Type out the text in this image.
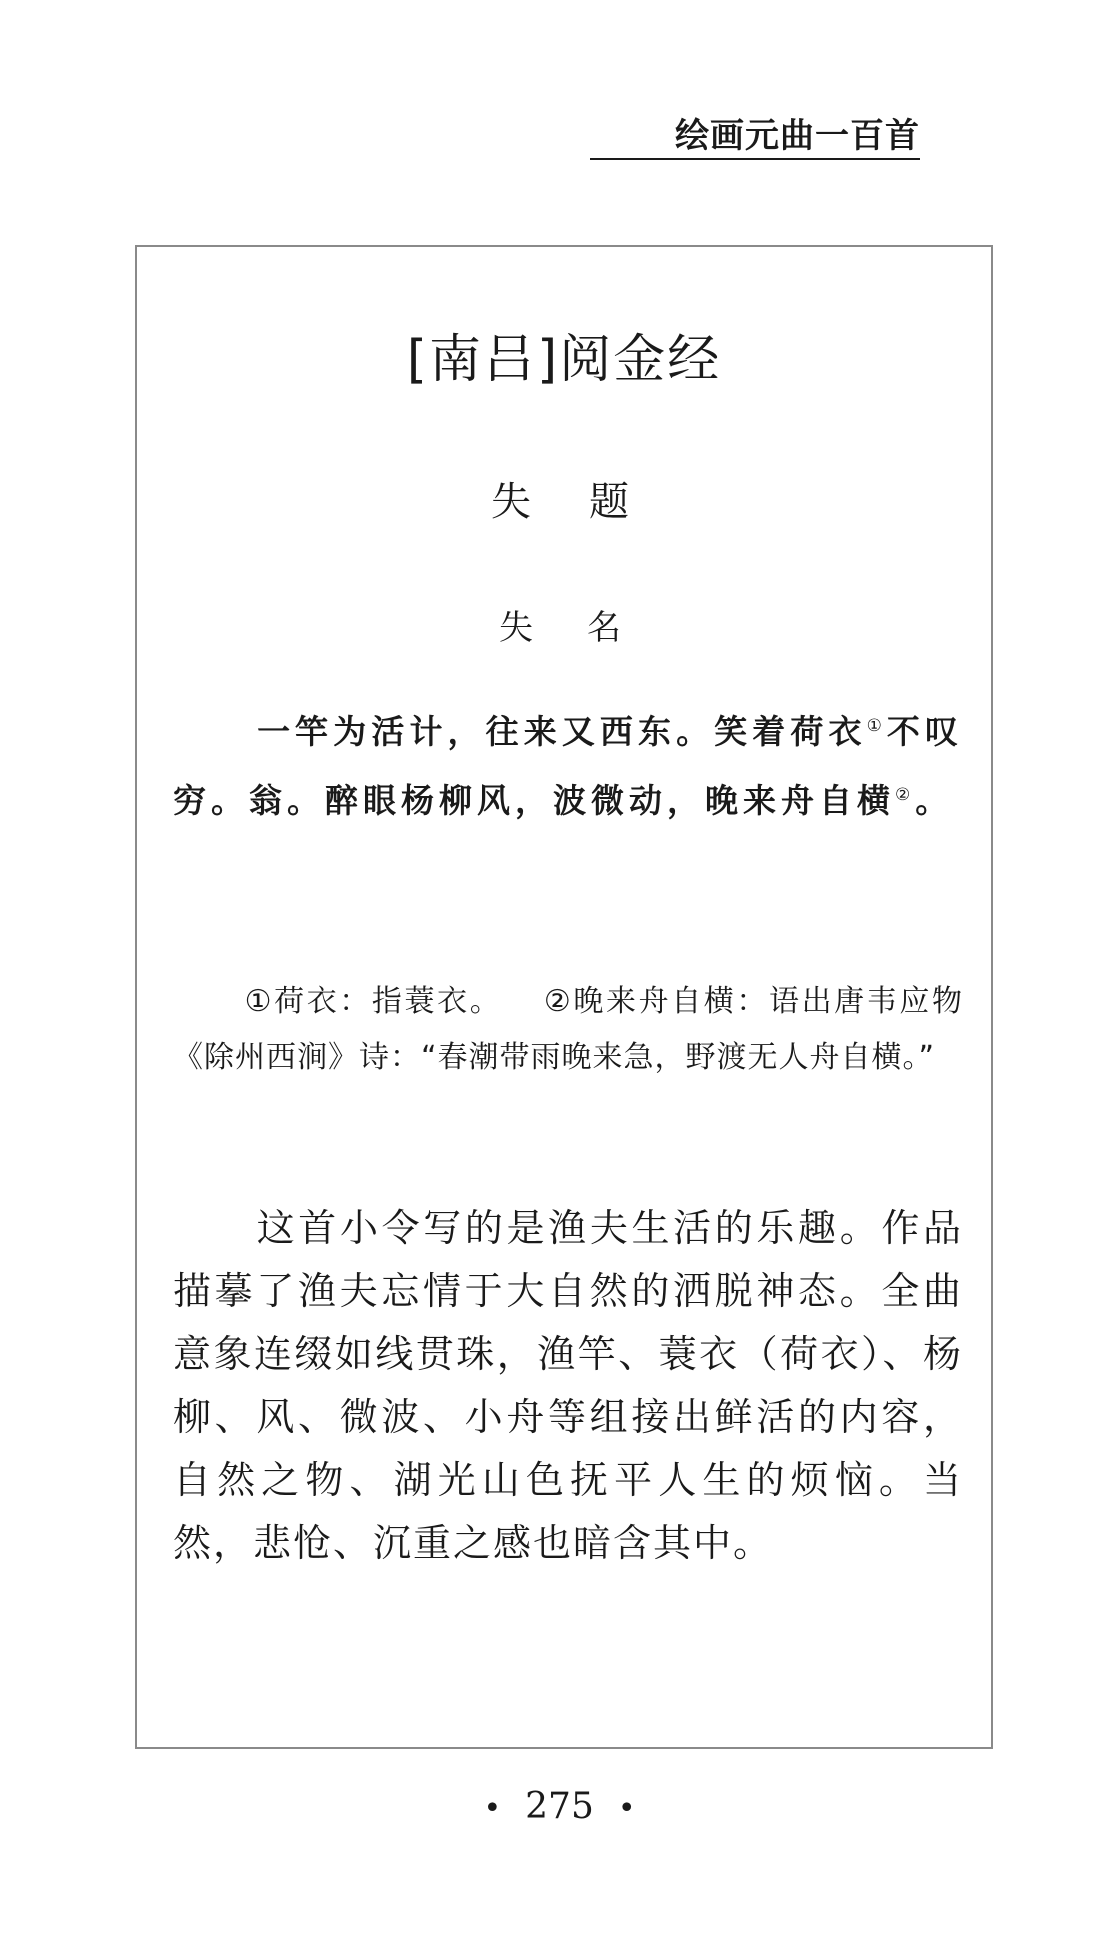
绘画元曲一百首
[南吕]阅金经
失 题
失 名
一竿为活计，往来又西东。笑着荷衣①不叹穷。翁。醉眼杨柳风，波微动，晚来舟自横②。
①荷衣：指蓑衣。 ②晚来舟自横：语出唐韦应物《除州西涧》诗：“春潮带雨晚来急，野渡无人舟自横。”
这首小令写的是渔夫生活的乐趣。作品描摹了渔夫忘情于大自然的洒脱神态。全曲意象连缀如线贯珠，渔竿、蓑衣（荷衣）、杨柳、风、微波、小舟等组接出鲜活的内容，自然之物、湖光山色抚平人生的烦恼。当然，悲怆、沉重之感也暗含其中。
• 275 •
